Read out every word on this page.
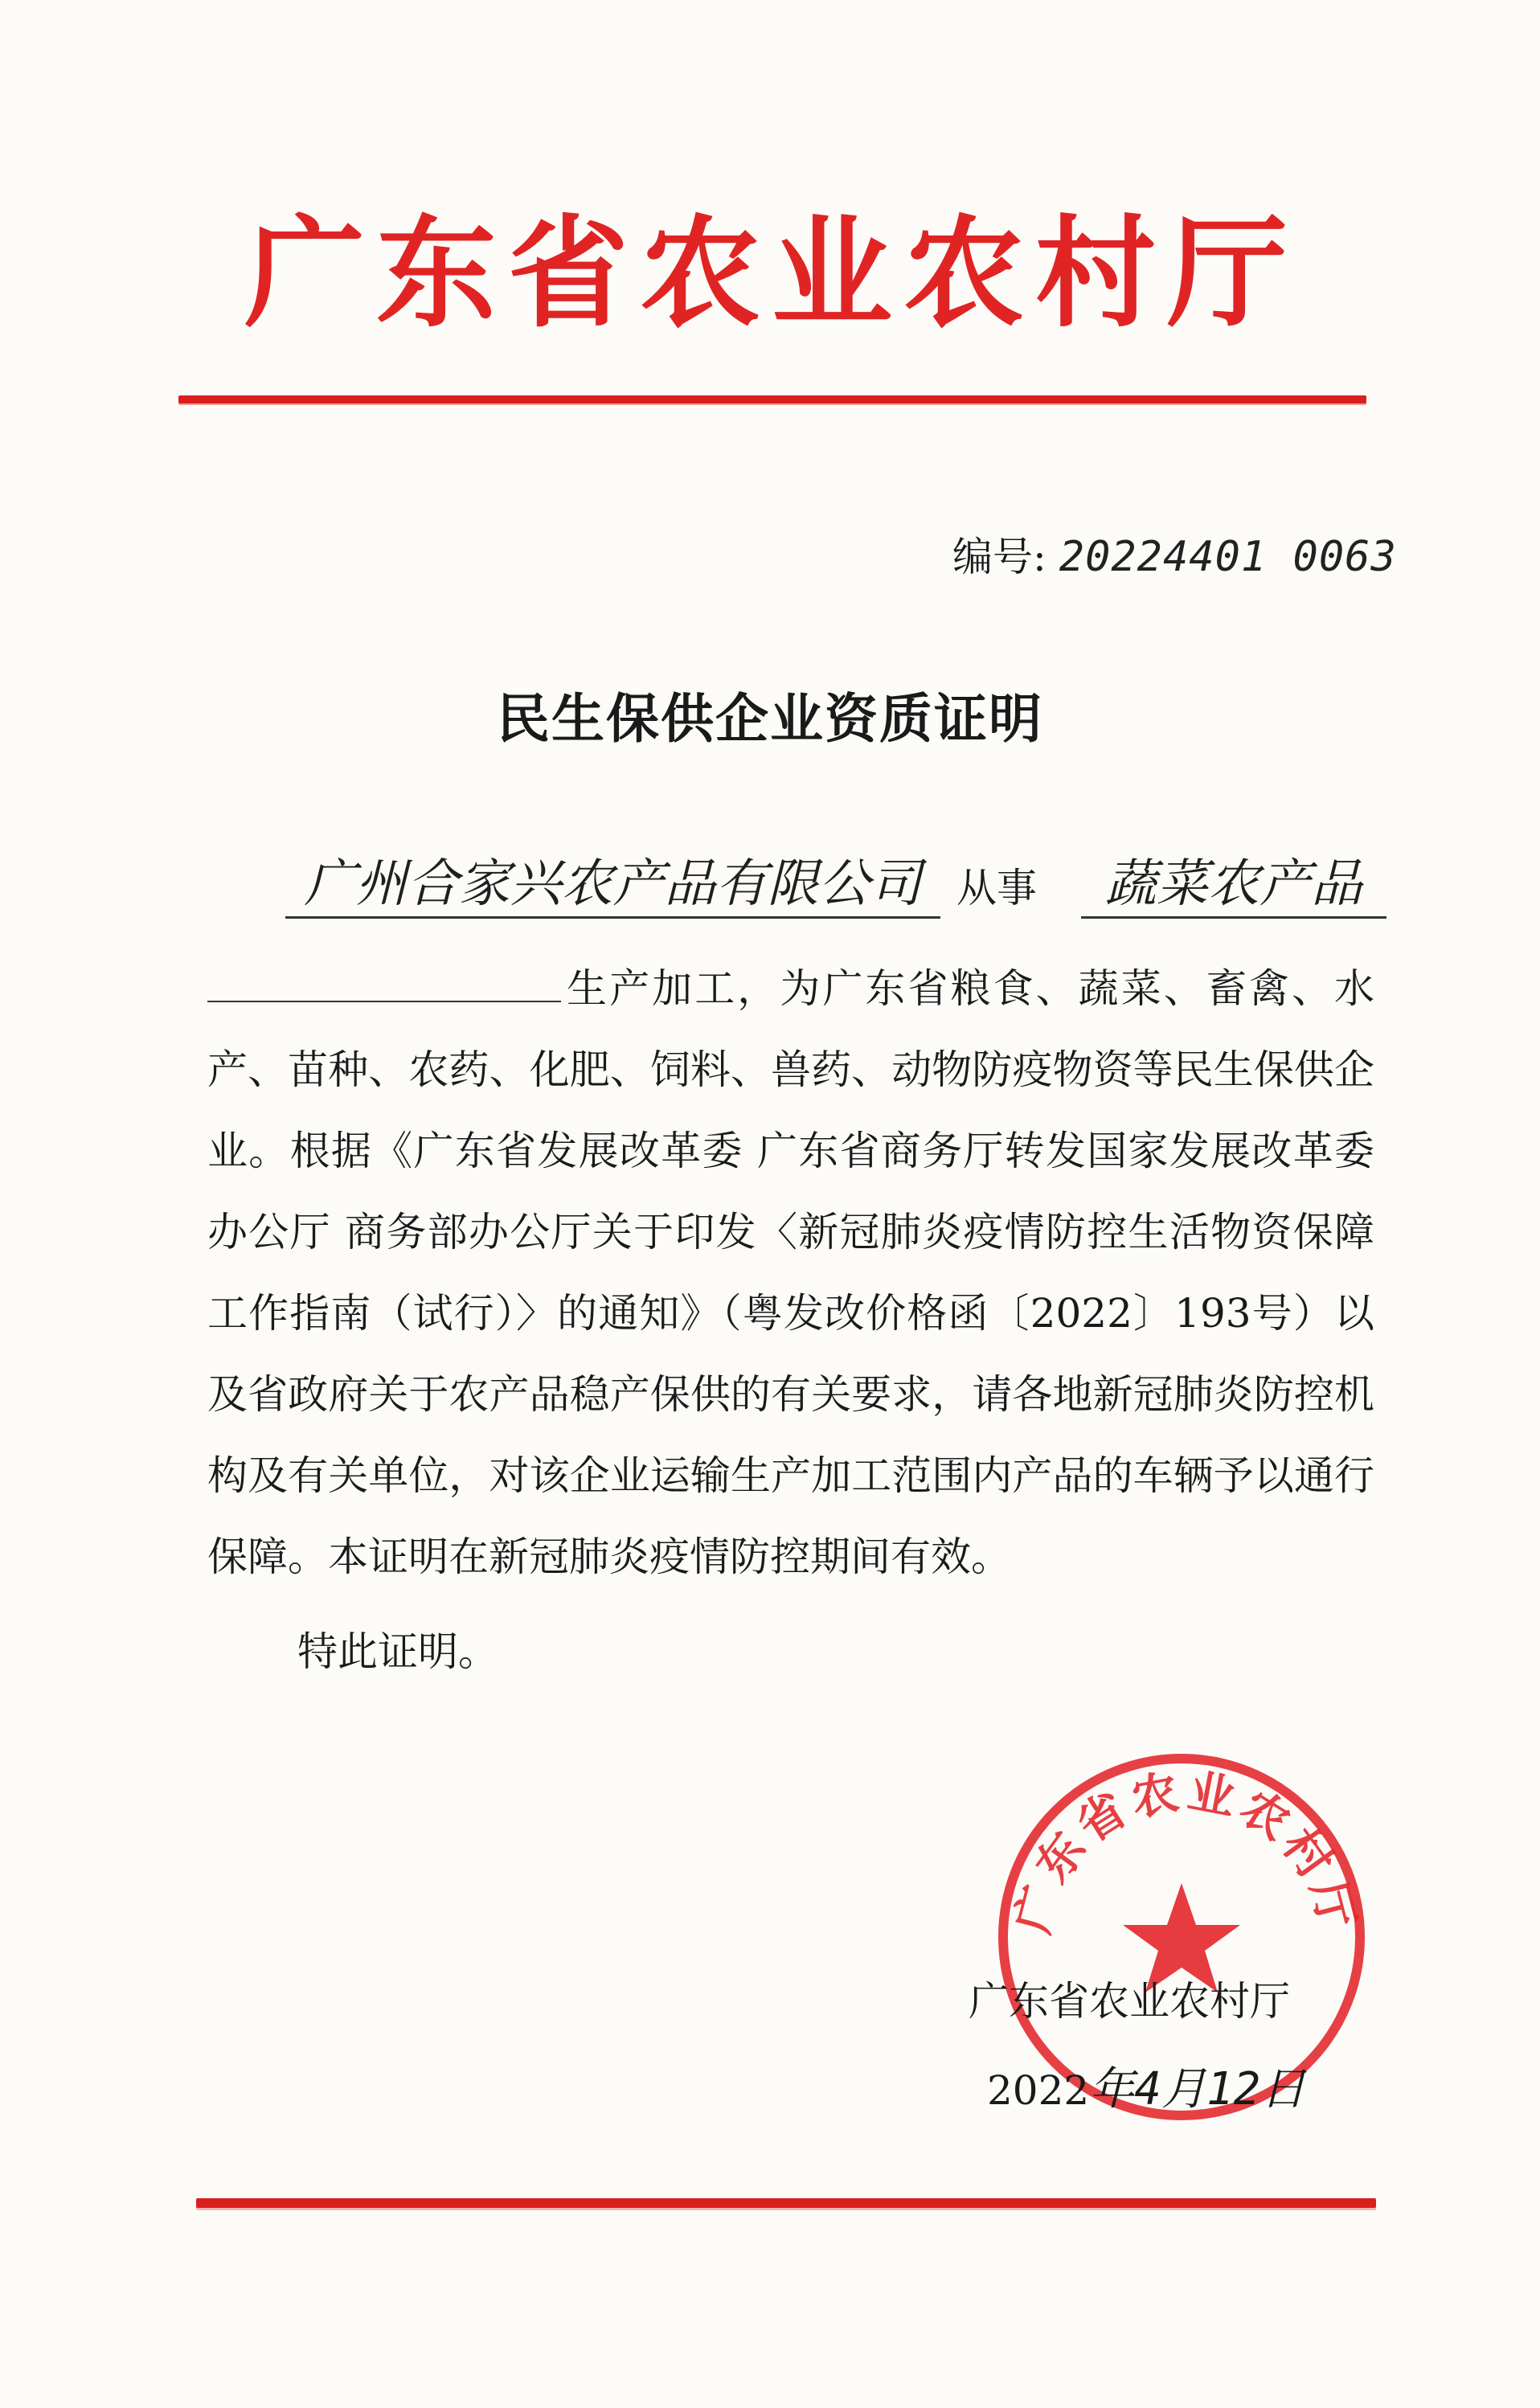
广东省农业农村厅
编号: 20224401 0063
民生保供企业资质证明
广州合家兴农产品有限公司 从事	蔬菜农产品
生产加工，为广东省粮食、蔬菜、畜禽、水产、苗种、农药、化肥、饲料、兽药、动物防疫物资等民生保供企业。根据《广东省发展改革委 广东省商务厅转发国家发展改革委办公厅 商务部办公厅关于印发〈新冠肺炎疫情防控生活物资保障工作指南（试行）〉的通知》（粤发改价格函〔2022〕193号）以及省政府关于农产品稳产保供的有关要求，请各地新冠肺炎防控机构及有关单位，对该企业运输生产加工范围内产品的车辆予以通行保障。本证明在新冠肺炎疫情防控期间有效。
特此证明。
广东省农业农村厅
广东省农业农村厅
2022年4月12日
